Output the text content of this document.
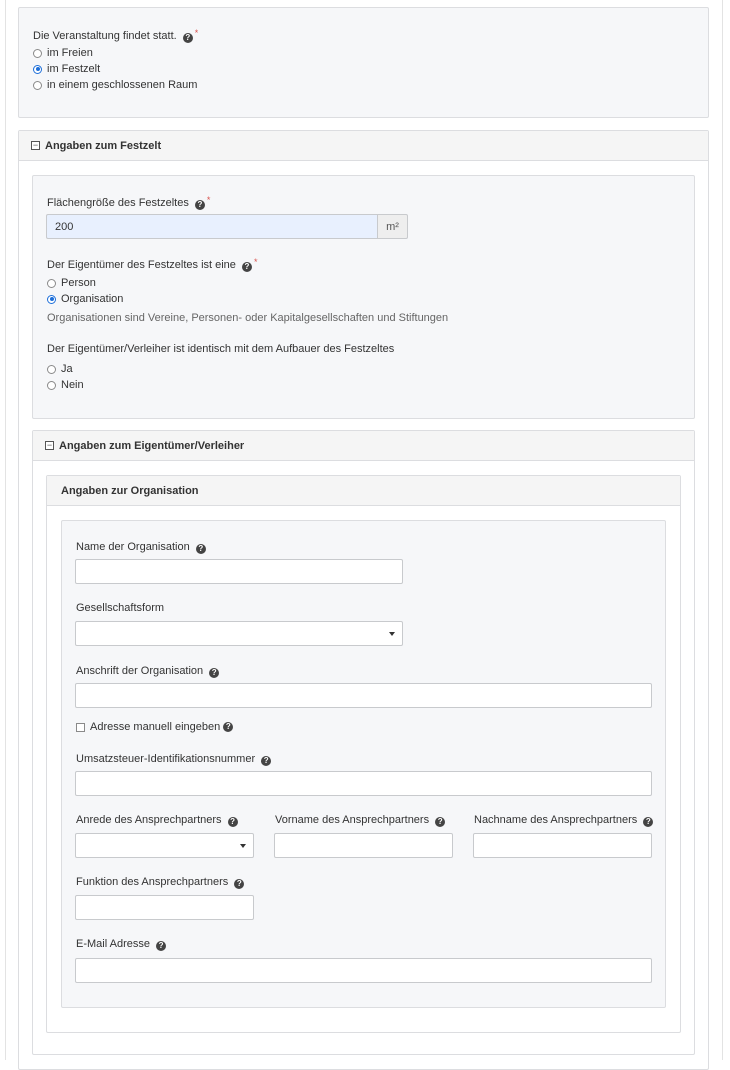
Die Veranstaltung findet statt. ? *
im Freien
im Festzelt
in einem geschlossenen Raum
− Angaben zum Festzelt
Flächengröße des Festzeltes ? *
200	m²
Der Eigentümer des Festzeltes ist eine ? *
Person
Organisation
Organisationen sind Vereine, Personen- oder Kapitalgesellschaften und Stiftungen
Der Eigentümer/Verleiher ist identisch mit dem Aufbauer des Festzeltes
Ja
Nein
− Angaben zum Eigentümer/Verleiher
Angaben zur Organisation
Name der Organisation ?
Gesellschaftsform
Anschrift der Organisation ?
Adresse manuell eingeben ?
Umsatzsteuer-Identifikationsnummer ?
Anrede des Ansprechpartners ?	Vorname des Ansprechpartners ?	Nachname des Ansprechpartners ?
Funktion des Ansprechpartners ?
E-Mail Adresse ?
